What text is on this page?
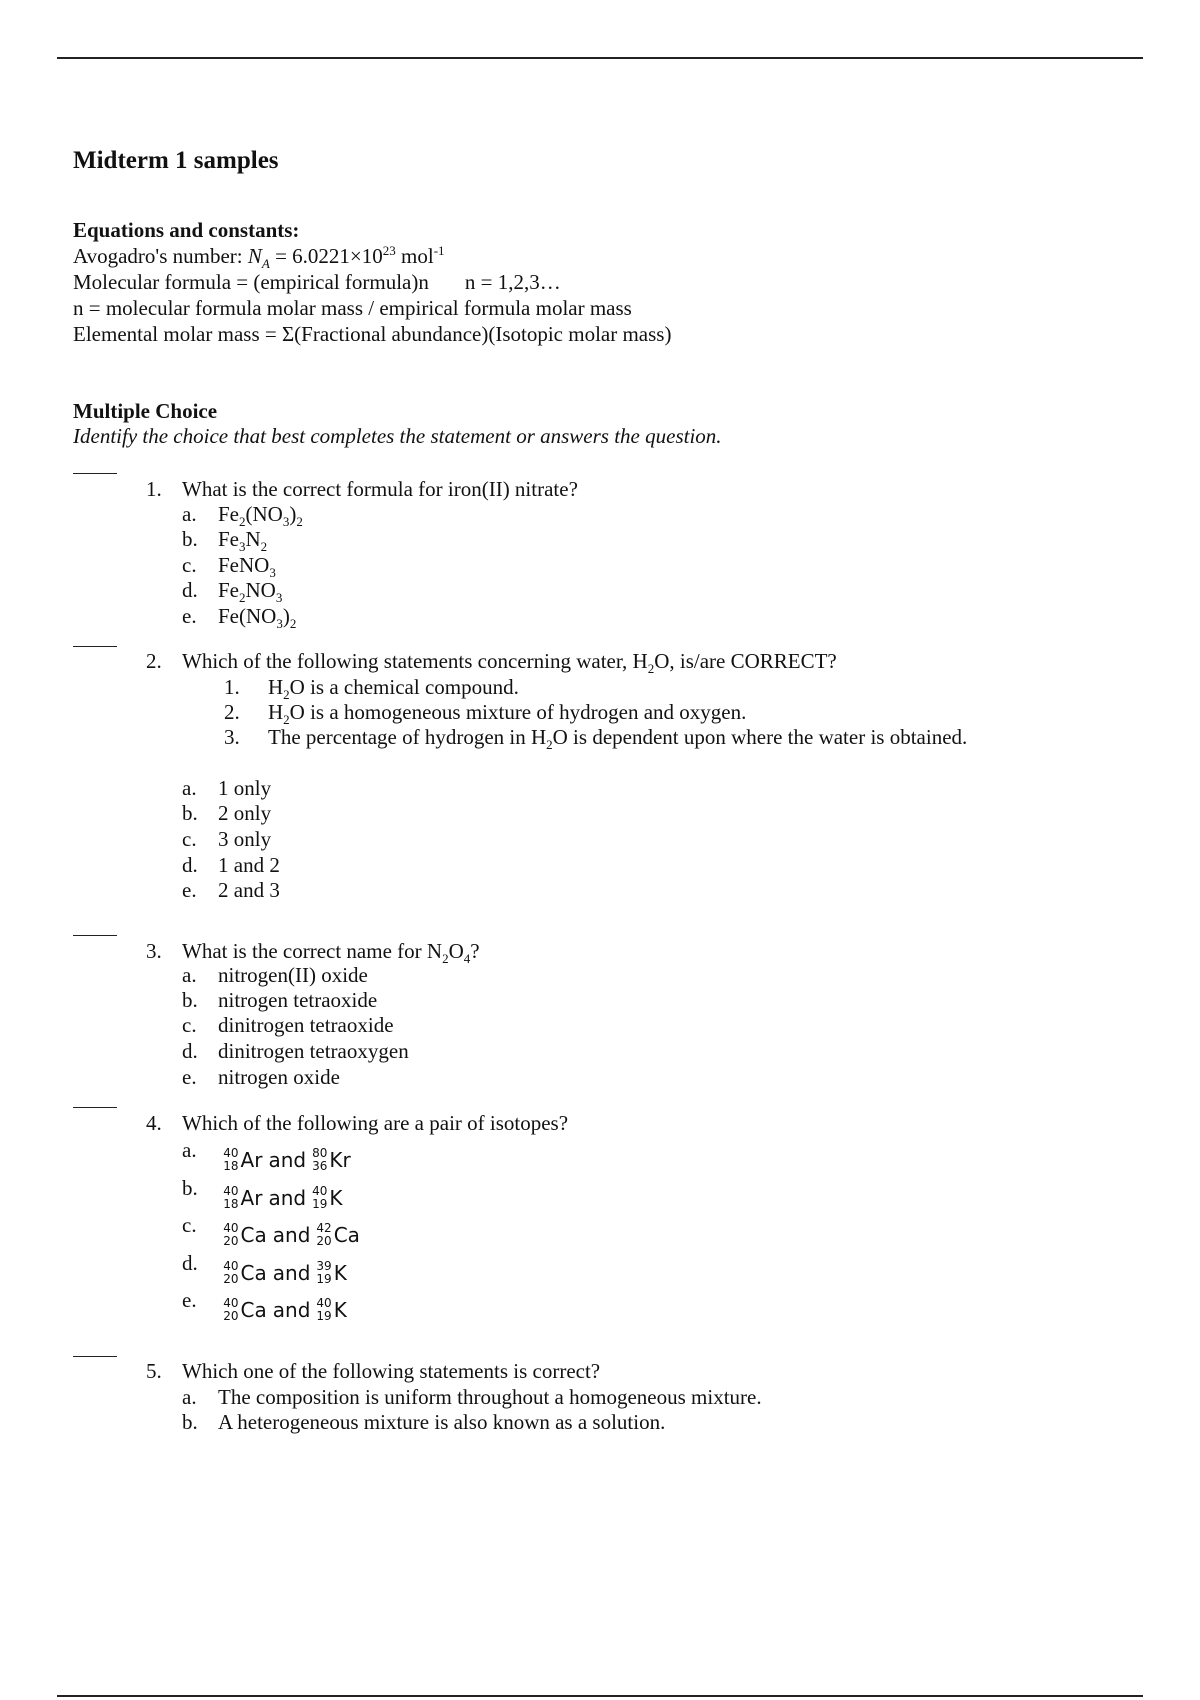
Midterm 1 samples
Equations and constants:
Avogadro's number: $N_A = 6.0221\times 10^{23}$ mol$^{-1}$
Molecular formula = (empirical formula)n n = 1,2,3…
n = molecular formula molar mass / empirical formula molar mass
Elemental molar mass = Σ(Fractional abundance)(Isotopic molar mass)
Multiple Choice
Identify the choice that best completes the statement or answers the question.
1. What is the correct formula for iron(II) nitrate?
a. $Fe_2(NO_3)_2$
b. $Fe_3N_2$
c. FeNO$_3$
d. $Fe_2NO_3$
e. $Fe(NO_3)_2$
2. Which of the following statements concerning water, $H_2O$, is/are CORRECT?
1. $H_2O$ is a chemical compound.
2. $H_2O$ is a homogeneous mixture of hydrogen and oxygen.
3. The percentage of hydrogen in $H_2O$ is dependent upon where the water is obtained.
a. 1 only
b. 2 only
c. 3 only
d. 1 and 2
e. 2 and 3
3. What is the correct name for $N_2O_4$?
a. nitrogen(II) oxide
b. nitrogen tetraoxide
c. dinitrogen tetraoxide
d. dinitrogen tetraoxygen
e. nitrogen oxide
4. Which of the following are a pair of isotopes?
a. 40
18 Ar and 80
36 Kr
b. 40
18 Ar and 40
19 K
c. 40
20 Ca and 42
20 Ca
d. 40
20 Ca and 39
19 K
e. 40
20 Ca and 40
19 K
5. Which one of the following statements is correct?
a. The composition is uniform throughout a homogeneous mixture.
b. A heterogeneous mixture is also known as a solution.
